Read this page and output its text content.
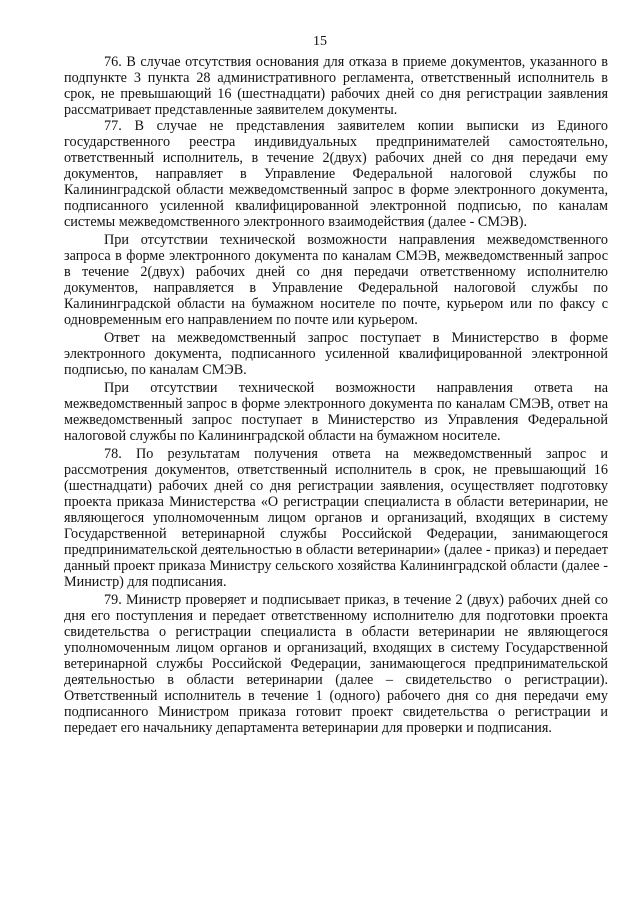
15

76. В случае отсутствия основания для отказа в приеме документов, указанного в подпункте 3 пункта 28 административного регламента, ответственный исполнитель в срок, не превышающий 16 (шестнадцати) рабочих дней со дня регистрации заявления рассматривает представленные заявителем документы.

77. В случае не представления заявителем копии выписки из Единого государственного реестра индивидуальных предпринимателей самостоятельно, ответственный исполнитель, в течение 2(двух) рабочих дней со дня передачи ему документов, направляет в Управление Федеральной налоговой службы по Калининградской области межведомственный запрос в форме электронного документа, подписанного усиленной квалифицированной электронной подписью, по каналам системы межведомственного электронного взаимодействия (далее - СМЭВ).

При отсутствии технической возможности направления межведомственного запроса в форме электронного документа по каналам СМЭВ, межведомственный запрос в течение 2(двух) рабочих дней со дня передачи ответственному исполнителю документов, направляется в Управление Федеральной налоговой службы по Калининградской области на бумажном носителе по почте, курьером или по факсу с одновременным его направлением по почте или курьером.

Ответ на межведомственный запрос поступает в Министерство в форме электронного документа, подписанного усиленной квалифицированной электронной подписью, по каналам СМЭВ.

При отсутствии технической возможности направления ответа на межведомственный запрос в форме электронного документа по каналам СМЭВ, ответ на межведомственный запрос поступает в Министерство из Управления Федеральной налоговой службы по Калининградской области на бумажном носителе.

78. По результатам получения ответа на межведомственный запрос и рассмотрения документов, ответственный исполнитель в срок, не превышающий 16 (шестнадцати) рабочих дней со дня регистрации заявления, осуществляет подготовку проекта приказа Министерства «О регистрации специалиста в области ветеринарии, не являющегося уполномоченным лицом органов и организаций, входящих в систему Государственной ветеринарной службы Российской Федерации, занимающегося предпринимательской деятельностью в области ветеринарии» (далее - приказ) и передает данный проект приказа Министру сельского хозяйства Калининградской области (далее - Министр) для подписания.

79. Министр проверяет и подписывает приказ, в течение 2 (двух) рабочих дней со дня его поступления и передает ответственному исполнителю для подготовки проекта свидетельства о регистрации специалиста в области ветеринарии не являющегося уполномоченным лицом органов и организаций, входящих в систему Государственной ветеринарной службы Российской Федерации, занимающегося предпринимательской деятельностью в области ветеринарии (далее – свидетельство о регистрации). Ответственный исполнитель в течение 1 (одного) рабочего дня со дня передачи ему подписанного Министром приказа готовит проект свидетельства о регистрации и передает его начальнику департамента ветеринарии для проверки и подписания.
